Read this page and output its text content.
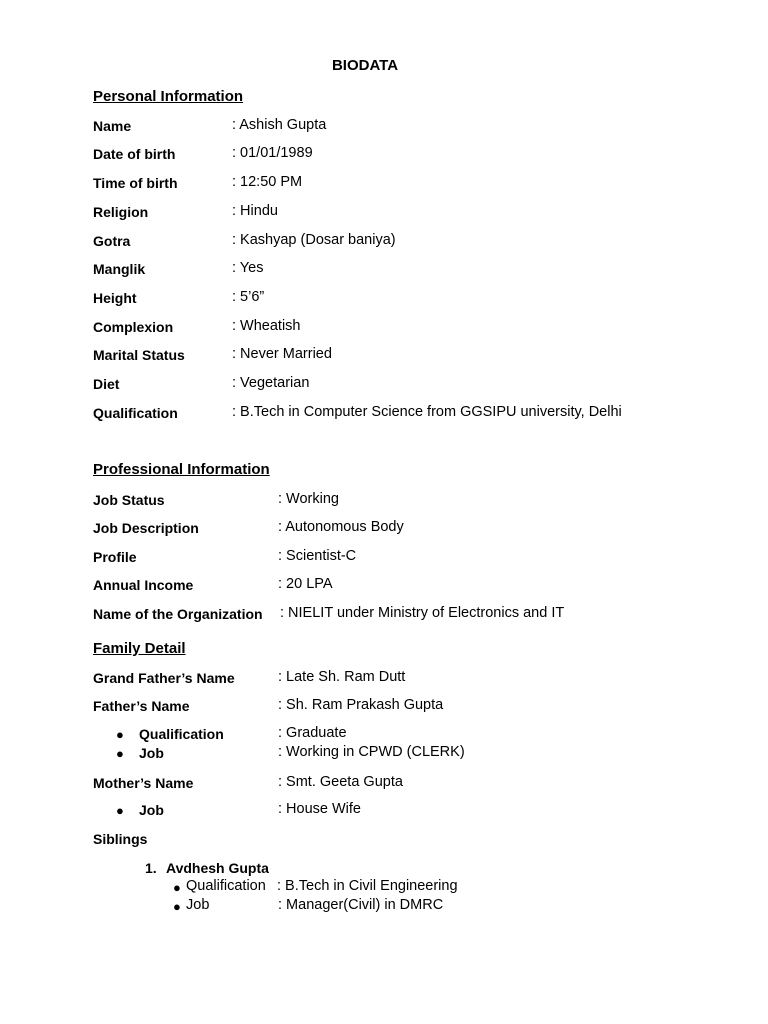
BIODATA
Personal Information
Name	: Ashish Gupta
Date of birth	: 01/01/1989
Time of birth	: 12:50 PM
Religion	: Hindu
Gotra	: Kashyap (Dosar baniya)
Manglik	: Yes
Height	: 5’6”
Complexion	: Wheatish
Marital Status	: Never Married
Diet	: Vegetarian
Qualification	: B.Tech in Computer Science from GGSIPU university, Delhi
Professional Information
Job Status	: Working
Job Description	: Autonomous Body
Profile	: Scientist-C
Annual Income	: 20 LPA
Name of the Organization : NIELIT under Ministry of Electronics and IT
Family Detail
Grand Father’s Name	: Late Sh. Ram Dutt
Father’s Name	: Sh. Ram Prakash Gupta
● Qualification	: Graduate
● Job	: Working in CPWD (CLERK)
Mother’s Name	: Smt. Geeta Gupta
● Job	: House Wife
Siblings
1. Avdhesh Gupta
● Qualification : B.Tech in Civil Engineering
● Job	: Manager(Civil) in DMRC
